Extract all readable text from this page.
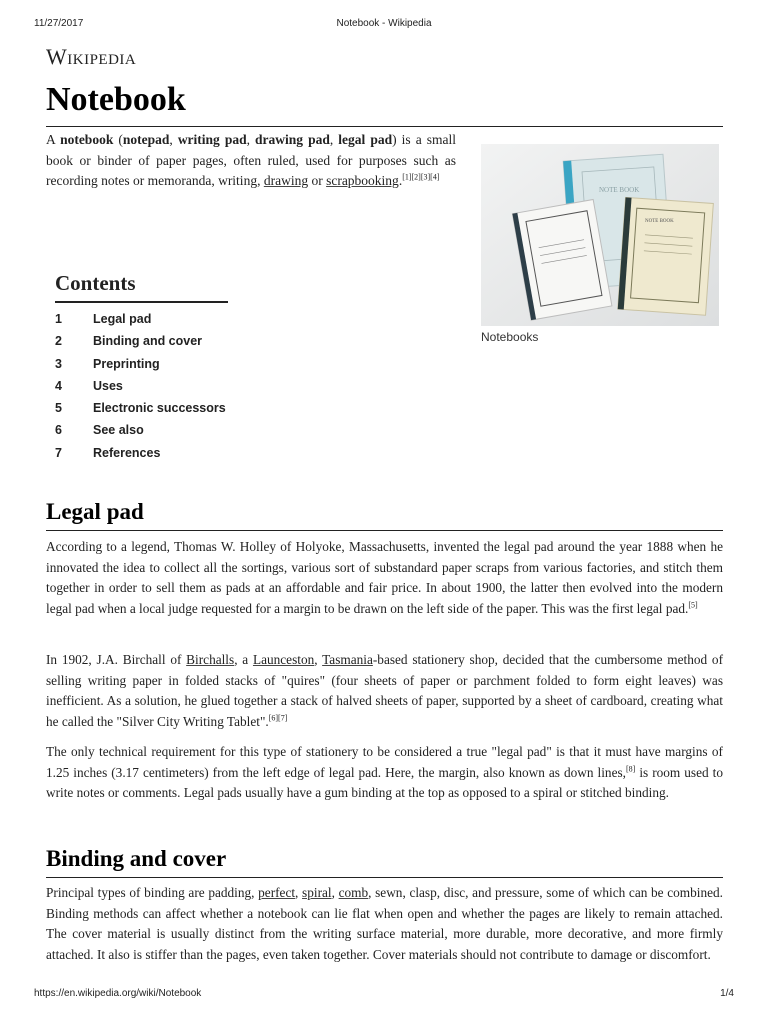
11/27/2017	Notebook - Wikipedia
Wikipedia
Notebook

A notebook (notepad, writing pad, drawing pad, legal pad) is a small book or binder of paper pages, often ruled, used for purposes such as recording notes or memoranda, writing, drawing or scrapbooking.[1][2][3][4]

NOTE BOOK
NOTE BOOK
Notebooks
Contents
1	Legal pad
2	Binding and cover
3	Preprinting
4	Uses
5	Electronic successors
6	See also
7	References
Legal pad

According to a legend, Thomas W. Holley of Holyoke, Massachusetts, invented the legal pad around the year 1888 when he innovated the idea to collect all the sortings, various sort of substandard paper scraps from various factories, and stitch them together in order to sell them as pads at an affordable and fair price. In about 1900, the latter then evolved into the modern legal pad when a local judge requested for a margin to be drawn on the left side of the paper. This was the first legal pad.[5]

In 1902, J.A. Birchall of Birchalls, a Launceston, Tasmania-based stationery shop, decided that the cumbersome method of selling writing paper in folded stacks of "quires" (four sheets of paper or parchment folded to form eight leaves) was inefficient. As a solution, he glued together a stack of halved sheets of paper, supported by a sheet of cardboard, creating what he called the "Silver City Writing Tablet".[6][7]

The only technical requirement for this type of stationery to be considered a true "legal pad" is that it must have margins of 1.25 inches (3.17 centimeters) from the left edge of legal pad. Here, the margin, also known as down lines,[8] is room used to write notes or comments. Legal pads usually have a gum binding at the top as opposed to a spiral or stitched binding.

Binding and cover

Principal types of binding are padding, perfect, spiral, comb, sewn, clasp, disc, and pressure, some of which can be combined. Binding methods can affect whether a notebook can lie flat when open and whether the pages are likely to remain attached. The cover material is usually distinct from the writing surface material, more durable, more decorative, and more firmly attached. It also is stiffer than the pages, even taken together. Cover materials should not contribute to damage or discomfort.

https://en.wikipedia.org/wiki/Notebook	1/4
